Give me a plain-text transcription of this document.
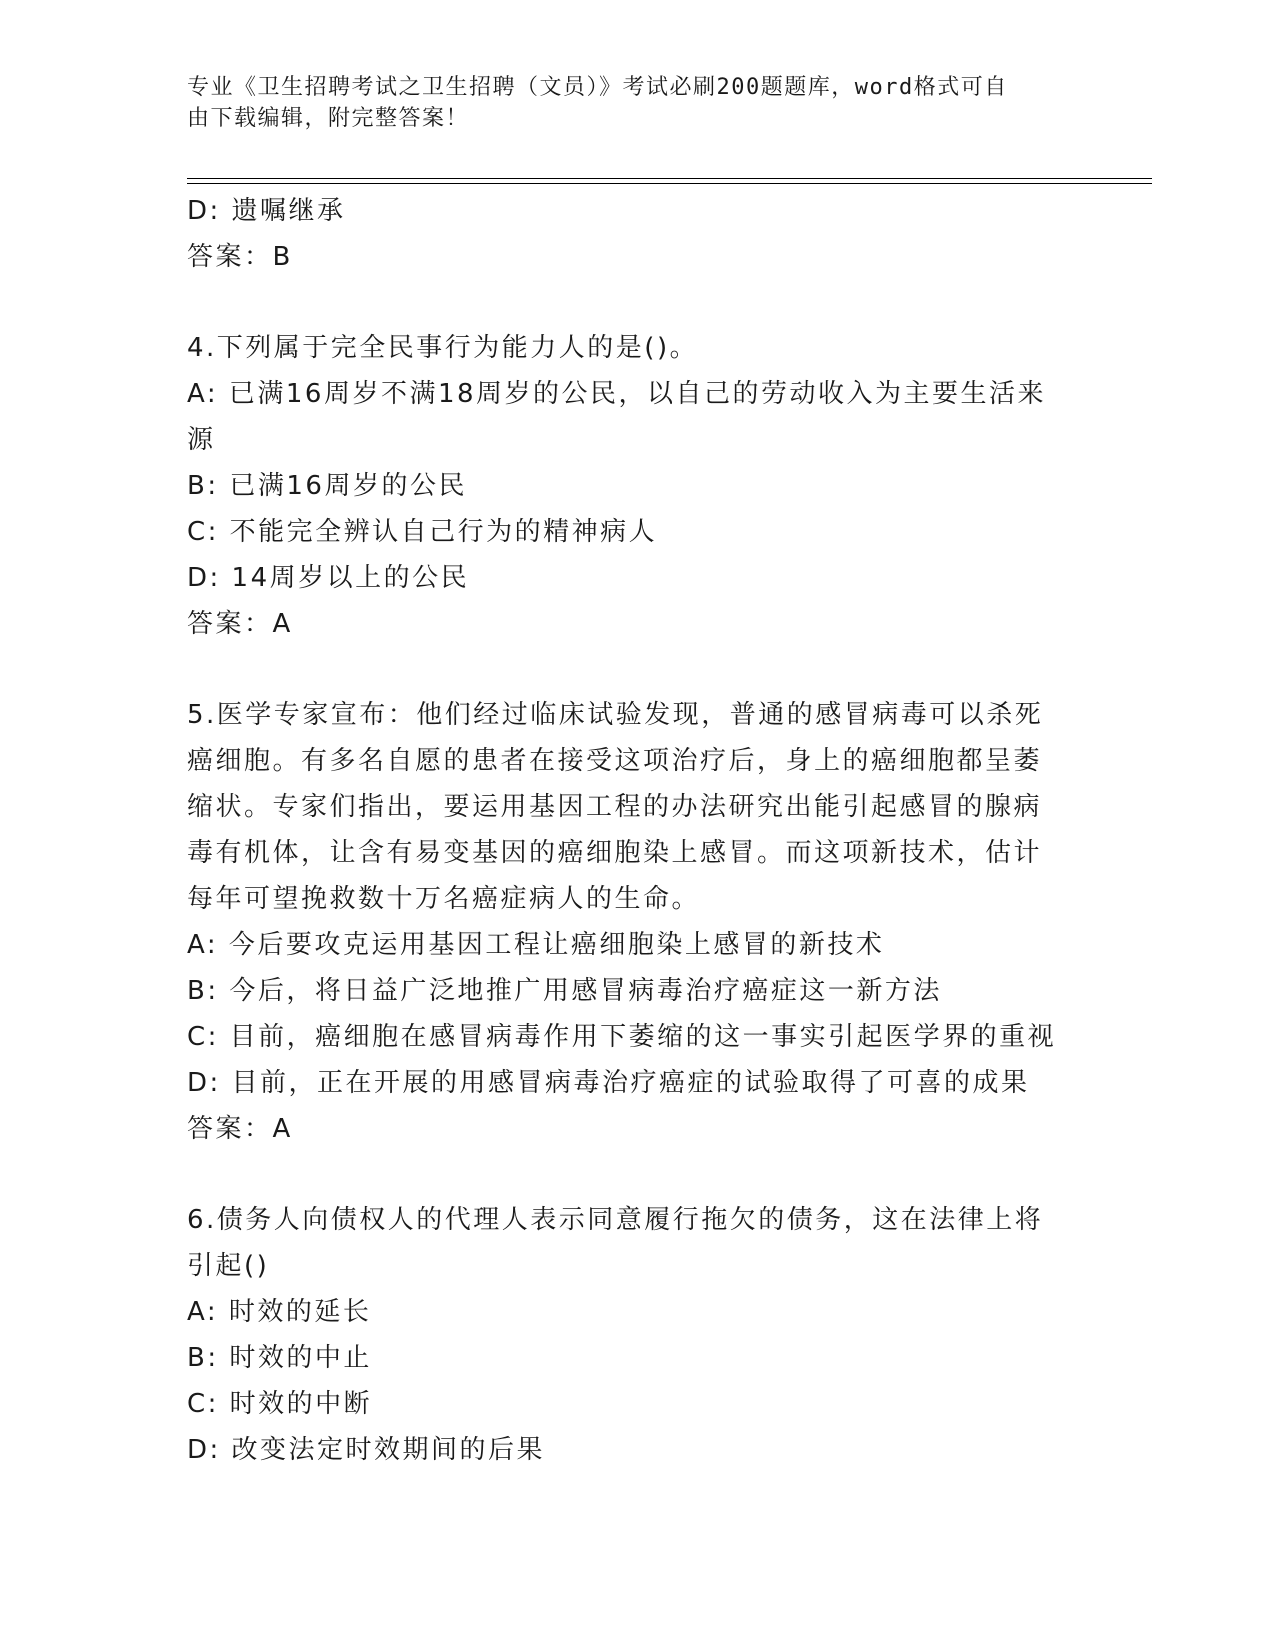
专业《卫生招聘考试之卫生招聘（文员）》考试必刷200题题库，word格式可自
由下载编辑，附完整答案！
D: 遗嘱继承
答案：B
4.下列属于完全民事行为能力人的是()。
A: 已满16周岁不满18周岁的公民，以自己的劳动收入为主要生活来
源
B: 已满16周岁的公民
C: 不能完全辨认自己行为的精神病人
D: 14周岁以上的公民
答案：A
5.医学专家宣布：他们经过临床试验发现，普通的感冒病毒可以杀死
癌细胞。有多名自愿的患者在接受这项治疗后，身上的癌细胞都呈萎
缩状。专家们指出，要运用基因工程的办法研究出能引起感冒的腺病
毒有机体，让含有易变基因的癌细胞染上感冒。而这项新技术，估计
每年可望挽救数十万名癌症病人的生命。
A: 今后要攻克运用基因工程让癌细胞染上感冒的新技术
B: 今后，将日益广泛地推广用感冒病毒治疗癌症这一新方法
C: 目前，癌细胞在感冒病毒作用下萎缩的这一事实引起医学界的重视
D: 目前，正在开展的用感冒病毒治疗癌症的试验取得了可喜的成果
答案：A
6.债务人向债权人的代理人表示同意履行拖欠的债务，这在法律上将
引起()
A: 时效的延长
B: 时效的中止
C: 时效的中断
D: 改变法定时效期间的后果
